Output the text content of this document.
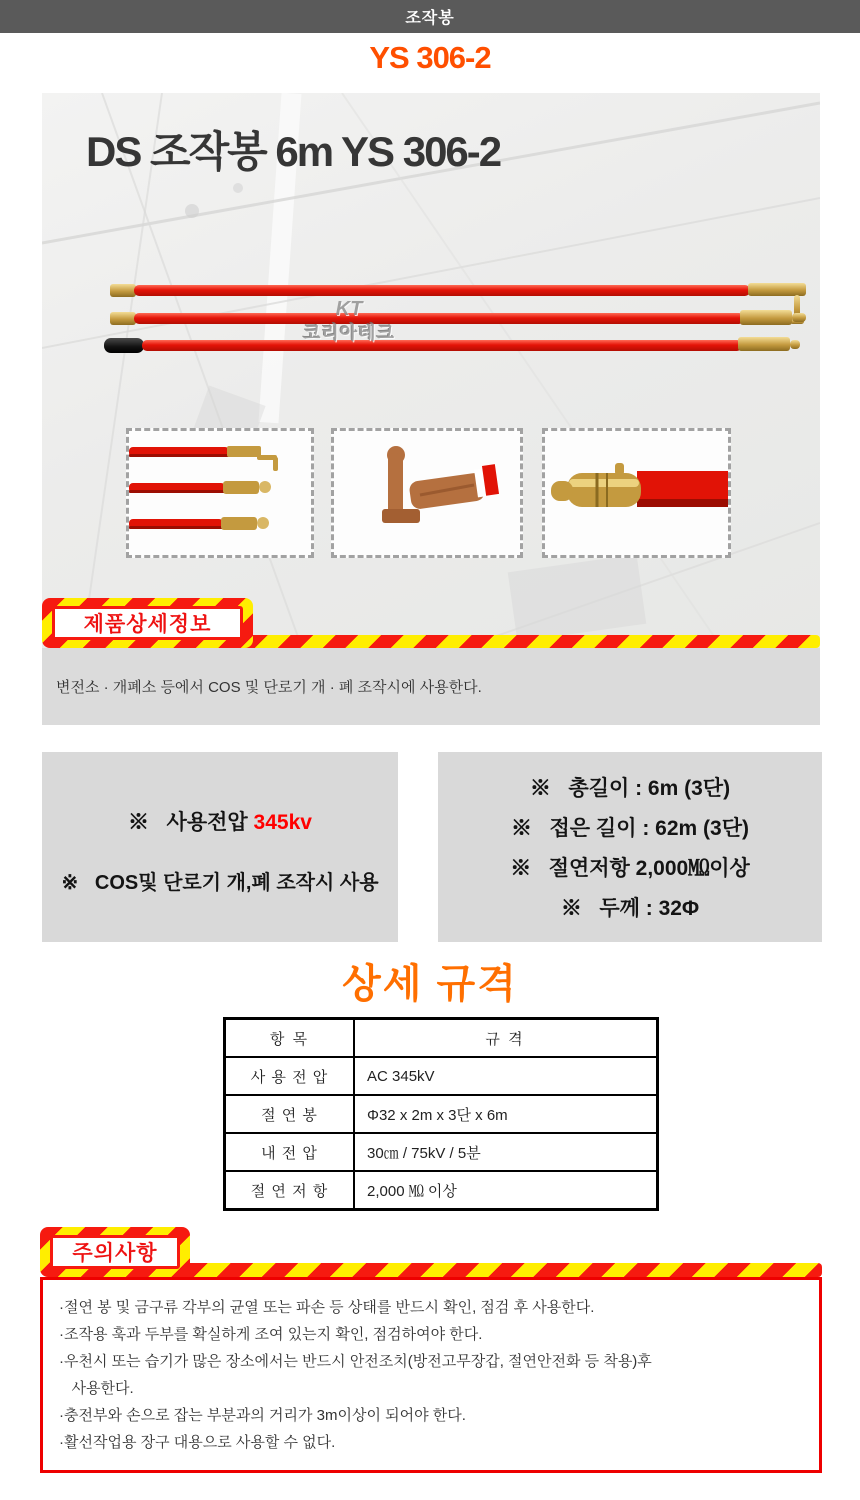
조작봉
YS 306-2
DS 조작봉 6m YS 306-2
KT
코리아테크
제품상세정보
변전소 · 개폐소 등에서 COS 및 단로기 개 · 폐 조작시에 사용한다.
※   사용전압 345kv
※   COS및 단로기 개,폐 조작시 사용
※   총길이 : 6m (3단)
※   접은 길이 : 62m (3단)
※   절연저항 2,000㏁이상
※   두께 : 32Φ
상세 규격
항 목	규 격
사 용 전 압	AC 345kV
절 연 봉	Φ32 x 2m x 3단 x 6m
내 전 압	30㎝ / 75kV / 5분
절 연 저 항	2,000 ㏁ 이상
주의사항
·절연 봉 및 금구류 각부의 균열 또는 파손 등 상태를 반드시 확인, 점검 후 사용한다.
·조작용 훅과 두부를 확실하게 조여 있는지 확인, 점검하여야 한다.
·우천시 또는 습기가 많은 장소에서는 반드시 안전조치(방전고무장갑, 절연안전화 등 착용)후
사용한다.
·충전부와 손으로 잡는 부분과의 거리가 3m이상이 되어야 한다.
·활선작업용 장구 대용으로 사용할 수 없다.
